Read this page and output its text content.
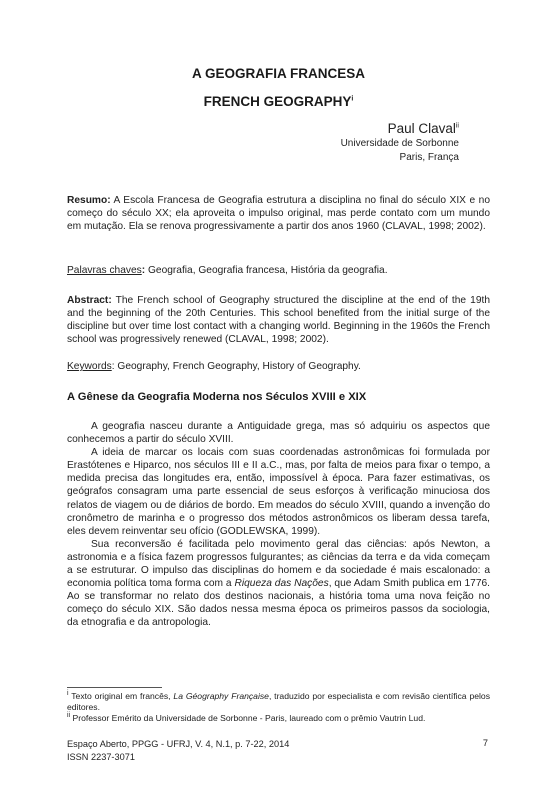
A GEOGRAFIA FRANCESA
FRENCH GEOGRAPHY$^i$
Paul Claval$^{ii}$
Universidade de Sorbonne
Paris, França
Resumo: A Escola Francesa de Geografia estrutura a disciplina no final do século XIX e no começo do século XX; ela aproveita o impulso original, mas perde contato com um mundo em mutação. Ela se renova progressivamente a partir dos anos 1960 (CLAVAL, 1998; 2002).
Palavras chaves: Geografia, Geografia francesa, História da geografia.
Abstract: The French school of Geography structured the discipline at the end of the 19th and the beginning of the 20th Centuries. This school benefited from the initial surge of the discipline but over time lost contact with a changing world. Beginning in the 1960s the French school was progressively renewed (CLAVAL, 1998; 2002).
Keywords: Geography, French Geography, History of Geography.
A Gênese da Geografia Moderna nos Séculos XVIII e XIX

A geografia nasceu durante a Antiguidade grega, mas só adquiriu os aspectos que conhecemos a partir do século XVIII.

A ideia de marcar os locais com suas coordenadas astronômicas foi formulada por Erastótenes e Hiparco, nos séculos III e II a.C., mas, por falta de meios para fixar o tempo, a medida precisa das longitudes era, então, impossível à época. Para fazer estimativas, os geógrafos consagram uma parte essencial de seus esforços à verificação minuciosa dos relatos de viagem ou de diários de bordo. Em meados do século XVIII, quando a invenção do cronômetro de marinha e o progresso dos métodos astronômicos os liberam dessa tarefa, eles devem reinventar seu ofício (GODLEWSKA, 1999).

Sua reconversão é facilitada pelo movimento geral das ciências: após Newton, a astronomia e a física fazem progressos fulgurantes; as ciências da terra e da vida começam a se estruturar. O impulso das disciplinas do homem e da sociedade é mais escalonado: a economia política toma forma com a Riqueza das Nações, que Adam Smith publica em 1776. Ao se transformar no relato dos destinos nacionais, a história toma uma nova feição no começo do século XIX. São dados nessa mesma época os primeiros passos da sociologia, da etnografia e da antropologia.

$^i$ Texto original em francês, La Géography Française, traduzido por especialista e com revisão científica pelos editores.

$^{ii}$ Professor Emérito da Universidade de Sorbonne - Paris, laureado com o prêmio Vautrin Lud.

Espaço Aberto, PPGG - UFRJ, V. 4, N.1, p. 7-22, 2014
ISSN 2237-3071
7
